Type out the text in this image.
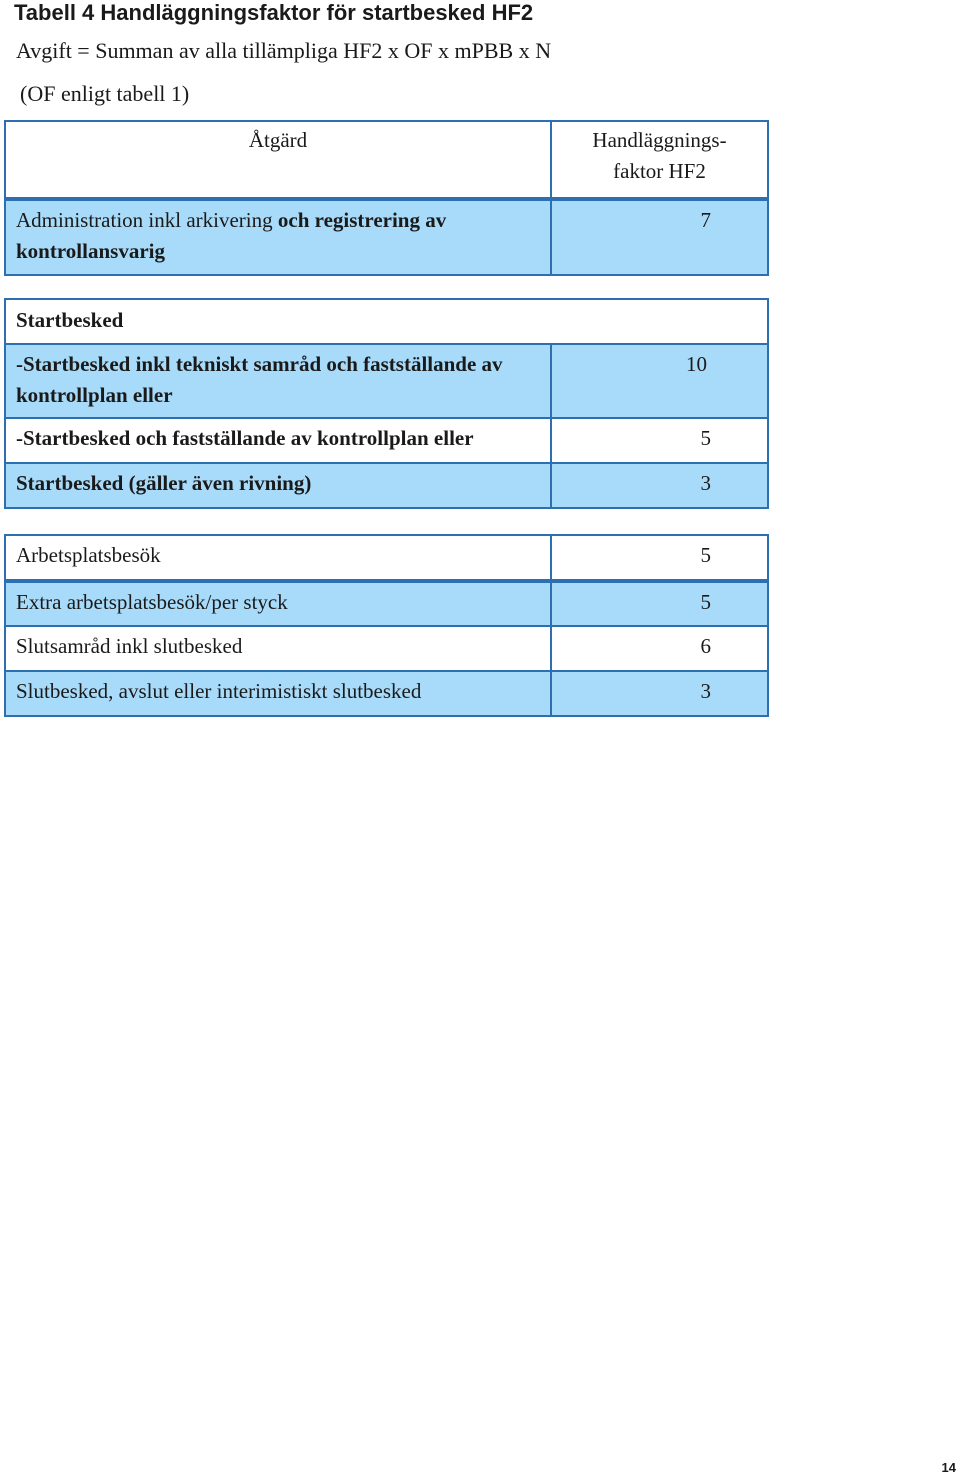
Tabell 4 Handläggningsfaktor för startbesked HF2
Avgift = Summan av alla tillämpliga HF2 x OF x mPBB x N
(OF enligt tabell 1)
Åtgärd	Handläggnings-
faktor HF2
Administration inkl arkivering och registrering av kontrollansvarig	7
Startbesked	
-Startbesked inkl tekniskt samråd och fastställande av kontrollplan eller	10
-Startbesked och fastställande av kontrollplan eller	5
Startbesked (gäller även rivning)	3
Arbetsplatsbesök	5
Extra arbetsplatsbesök/per styck	5
Slutsamråd inkl slutbesked	6
Slutbesked, avslut eller interimistiskt slutbesked	3
14
